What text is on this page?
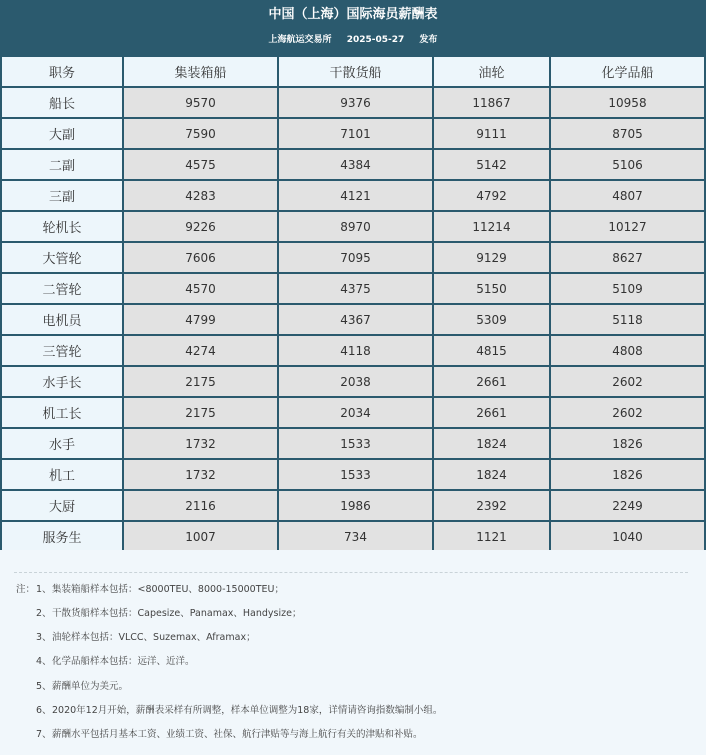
中国（上海）国际海员薪酬表
上海航运交易所 2025-05-27 发布
职务	集装箱船	干散货船	油轮	化学品船
船长	9570	9376	11867	10958
大副	7590	7101	9111	8705
二副	4575	4384	5142	5106
三副	4283	4121	4792	4807
轮机长	9226	8970	11214	10127
大管轮	7606	7095	9129	8627
二管轮	4570	4375	5150	5109
电机员	4799	4367	5309	5118
三管轮	4274	4118	4815	4808
水手长	2175	2038	2661	2602
机工长	2175	2034	2661	2602
水手	1732	1533	1824	1826
机工	1732	1533	1824	1826
大厨	2116	1986	2392	2249
服务生	1007	734	1121	1040
注： 1、 集装箱船样本包括：<8000TEU、8000-15000TEU；
2、 干散货船样本包括：Capesize、Panamax、Handysize；
3、 油轮样本包括：VLCC、Suzemax、Aframax；
4、 化学品船样本包括：远洋、近洋。
5、 薪酬单位为美元。
6、 2020年12月开始，薪酬表采样有所调整，样本单位调整为18家，详情请咨询指数编制小组。
7、 薪酬水平包括月基本工资、业绩工资、社保、航行津贴等与海上航行有关的津贴和补贴。
